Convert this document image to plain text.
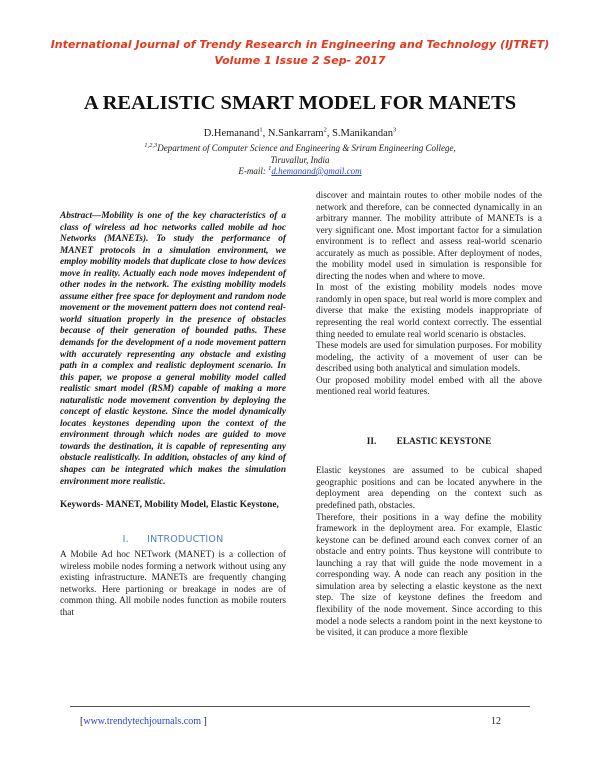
International Journal of Trendy Research in Engineering and Technology (IJTRET)
Volume 1 Issue 2 Sep- 2017
A REALISTIC SMART MODEL FOR MANETS
D.Hemanand$^1$, N.Sankarram$^2$, S.Manikandan$^3$
$^{1,2,3}$Department of Computer Science and Engineering & Sriram Engineering College,
Tiruvallur, India
E-mail: $^1$d.hemanand@gmail.com

Abstract—Mobility is one of the key characteristics of a class of wireless ad hoc networks called mobile ad hoc Networks (MANETs). To study the performance of MANET protocols in a simulation environment, we employ mobility models that duplicate close to how devices move in reality. Actually each node moves independent of other nodes in the network. The existing mobility models assume either free space for deployment and random node movement or the movement pattern does not contend real-world situation properly in the presence of obstacles because of their generation of bounded paths. These demands for the development of a node movement pattern with accurately representing any obstacle and existing path in a complex and realistic deployment scenario. In this paper, we propose a general mobility model called realistic smart model (RSM) capable of making a more naturalistic node movement convention by deploying the concept of elastic keystone. Since the model dynamically locates keystones depending upon the context of the environment through which nodes are guided to move towards the destination, it is capable of representing any obstacle realistically. In addition, obstacles of any kind of shapes can be integrated which makes the simulation environment more realistic.

Keywords- MANET, Mobility Model, Elastic Keystone,

I. INTRODUCTION

A Mobile Ad hoc NETwork (MANET) is a collection of wireless mobile nodes forming a network without using any existing infrastructure. MANETs are frequently changing networks. Here partioning or breakage in nodes are of common thing. All mobile nodes function as mobile routers that

discover and maintain routes to other mobile nodes of the network and therefore, can be connected dynamically in an arbitrary manner. The mobility attribute of MANETs is a very significant one. Most important factor for a simulation environment is to reflect and assess real-world scenario accurately as much as possible. After deployment of nodes, the mobility model used in simulation is responsible for directing the nodes when and where to move.

In most of the existing mobility models nodes move randomly in open space, but real world is more complex and diverse that make the existing models inappropriate of representing the real world context correctly. The essential thing needed to emulate real world scenario is obstacles.

These models are used for simulation purposes. For mobility modeling, the activity of a movement of user can be described using both analytical and simulation models.

Our proposed mobility model embed with all the above mentioned real world features.

II. ELASTIC KEYSTONE

Elastic keystones are assumed to be cubical shaped geographic positions and can be located anywhere in the deployment area depending on the context such as predefined path, obstacles.

Therefore, their positions in a way define the mobility framework in the deployment area. For example, Elastic keystone can be defined around each convex corner of an obstacle and entry points. Thus keystone will contribute to launching a ray that will guide the node movement in a corresponding way. A node can reach any position in the simulation area by selecting a elastic keystone as the next step. The size of keystone defines the freedom and flexibility of the node movement. Since according to this model a node selects a random point in the next keystone to be visited, it can produce a more flexible

[www.trendytechjournals.com ]	12
